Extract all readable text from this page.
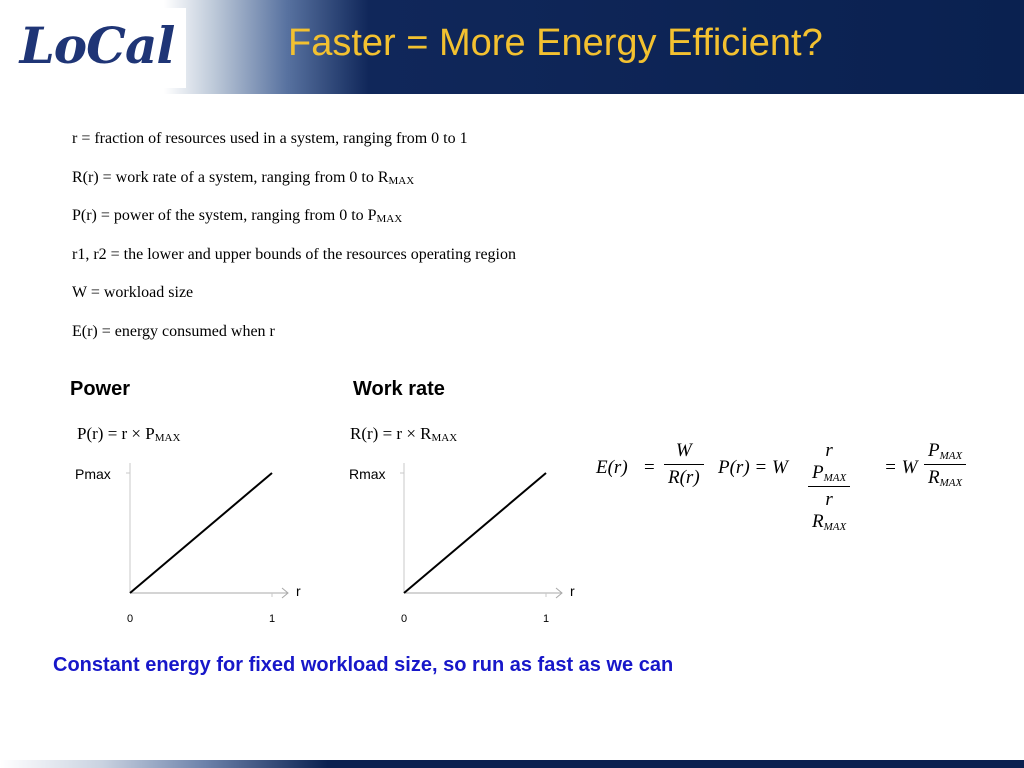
LoCal	Faster = More Energy Efficient?
r = fraction of resources used in a system, ranging from 0 to 1
R(r) = work rate of a system, ranging from 0 to $R_{MAX}$
P(r) = power of the system, ranging from 0 to $P_{MAX}$
r1, r2 = the lower and upper bounds of the resources operating region
W = workload size
E(r) = energy consumed when r
Power	Work rate
$P(r) = r \times P_{MAX}$	$R(r) = r \times R_{MAX}$
Pmax
r
0	1
Rmax
r
0	1
E(r) =
W
R(r) P(r) = W
r $P_{MAX}$
r $R_{MAX}$
= W
$P_{MAX}$
$R_{MAX}$
Constant energy for fixed workload size, so run as fast as we can
